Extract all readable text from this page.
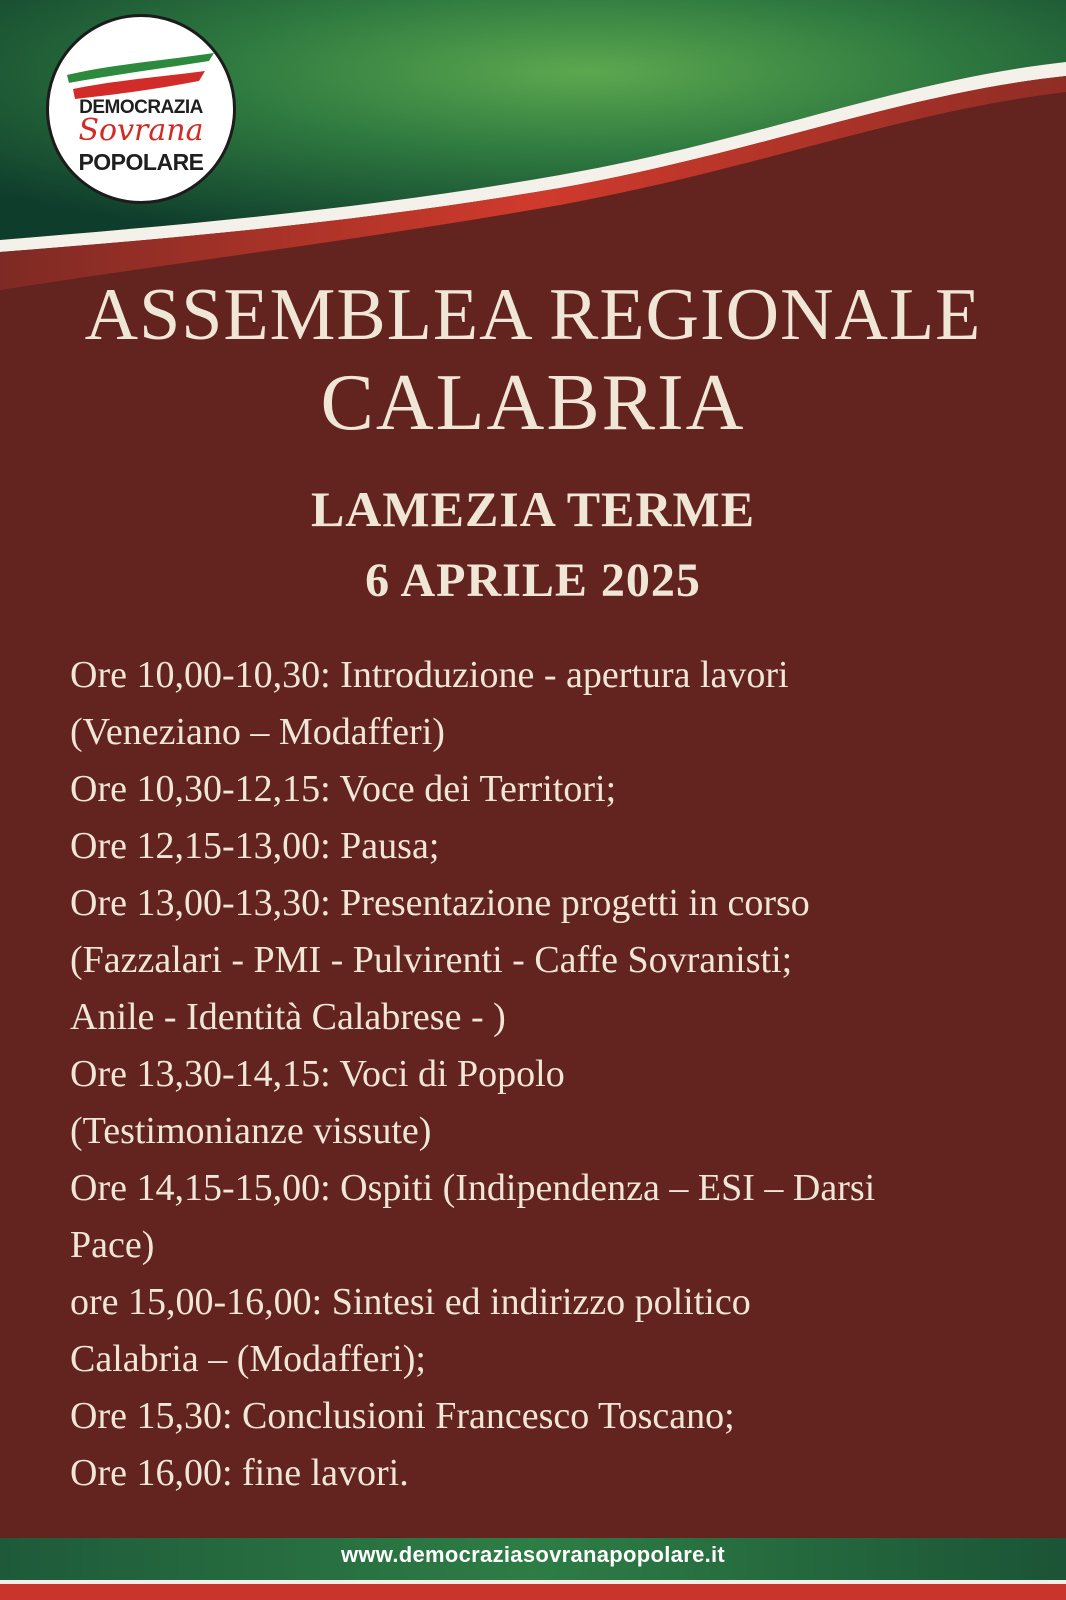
DEMOCRAZIA
Sovrana
POPOLARE
ASSEMBLEA REGIONALE
CALABRIA
LAMEZIA TERME
6 APRILE 2025
Ore 10,00-10,30: Introduzione - apertura lavori
(Veneziano – Modafferi)
Ore 10,30-12,15: Voce dei Territori;
Ore 12,15-13,00: Pausa;
Ore 13,00-13,30: Presentazione progetti in corso
(Fazzalari - PMI - Pulvirenti - Caffe Sovranisti;
Anile - Identità Calabrese - )
Ore 13,30-14,15: Voci di Popolo
(Testimonianze vissute)
Ore 14,15-15,00: Ospiti (Indipendenza – ESI – Darsi
Pace)
ore 15,00-16,00: Sintesi ed indirizzo politico
Calabria – (Modafferi);
Ore 15,30: Conclusioni Francesco Toscano;
Ore 16,00: fine lavori.
www.democraziasovranapopolare.it
